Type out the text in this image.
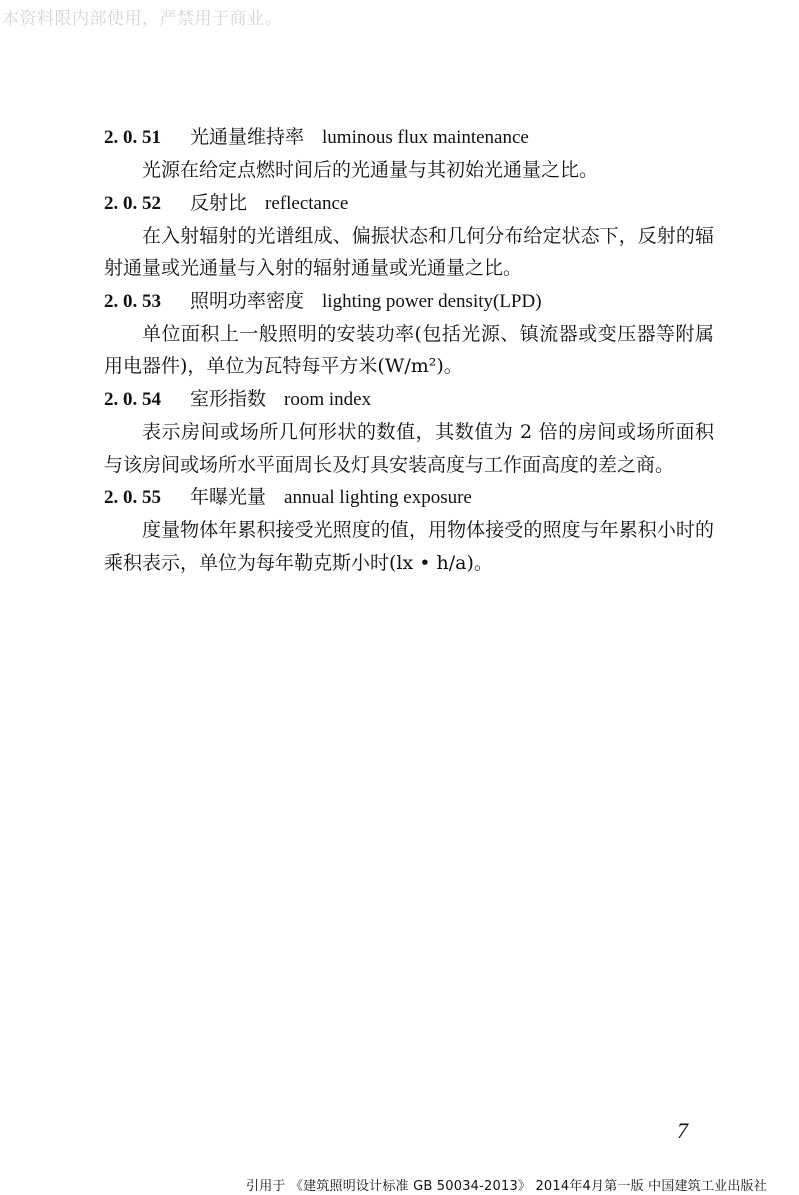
本资料限内部使用，严禁用于商业。
2. 0. 51 光通量维持率 luminous flux maintenance

光源在给定点燃时间后的光通量与其初始光通量之比。

2. 0. 52 反射比 reflectance

在入射辐射的光谱组成、偏振状态和几何分布给定状态下，反射的辐射通量或光通量与入射的辐射通量或光通量之比。

2. 0. 53 照明功率密度 lighting power density(LPD)

单位面积上一般照明的安装功率(包括光源、镇流器或变压器等附属用电器件)，单位为瓦特每平方米(W/m²)。

2. 0. 54 室形指数 room index

表示房间或场所几何形状的数值，其数值为 2 倍的房间或场所面积与该房间或场所水平面周长及灯具安装高度与工作面高度的差之商。

2. 0. 55 年曝光量 annual lighting exposure

度量物体年累积接受光照度的值，用物体接受的照度与年累积小时的乘积表示，单位为每年勒克斯小时(lx • h/a)。

7
引用于 《建筑照明设计标准 GB 50034-2013》 2014年4月第一版 中国建筑工业出版社
